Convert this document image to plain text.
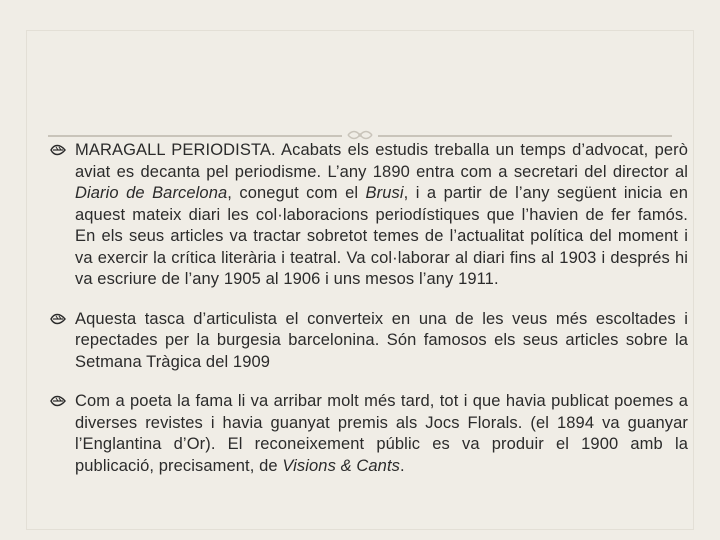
MARAGALL PERIODISTA. Acabats els estudis treballa un temps d’advocat, però aviat es decanta pel periodisme. L’any 1890 entra com a secretari del director al Diario de Barcelona, conegut com el Brusi, i a partir de l’any següent inicia en aquest mateix diari les col·laboracions periodístiques que l’havien de fer famós. En els seus articles va tractar sobretot temes de l’actualitat política del moment i va exercir la crítica literària i teatral. Va col·laborar al diari fins al 1903 i després hi va escriure de l’any 1905 al 1906 i uns mesos l’any 1911.
Aquesta tasca d’articulista el converteix en una de les veus més escoltades i repectades per la burgesia barcelonina. Són famosos els seus articles sobre la Setmana Tràgica del 1909
Com a poeta la fama li va arribar molt més tard, tot i que havia publicat poemes a diverses revistes i havia guanyat premis als Jocs Florals. (el 1894 va guanyar l’Englantina d’Or). El reconeixement públic es va produir el 1900 amb la publicació, precisament, de Visions & Cants.
